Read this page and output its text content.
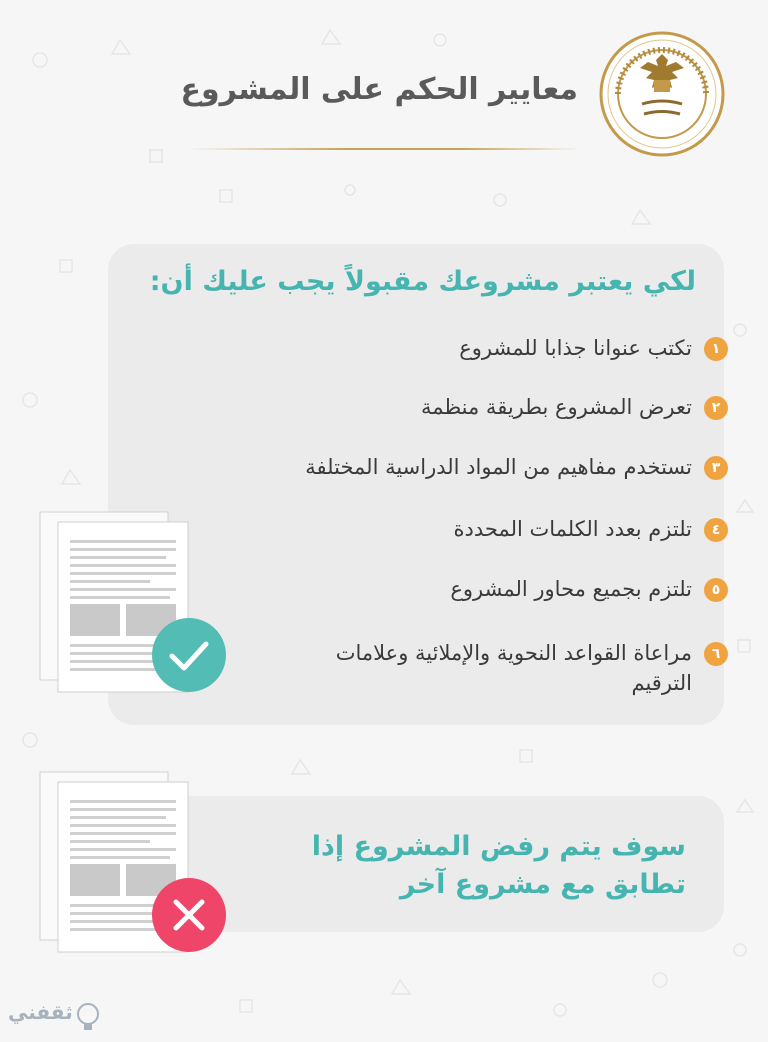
معايير الحكم على المشروع
لكي يعتبر مشروعك مقبولاً يجب عليك أن:
١
تكتب عنوانا جذابا للمشروع
٢
تعرض المشروع بطريقة منظمة
٣
تستخدم مفاهيم من المواد الدراسية المختلفة
٤
تلتزم بعدد الكلمات المحددة
٥
تلتزم بجميع محاور المشروع
٦
مراعاة القواعد النحوية والإملائية وعلامات الترقيم
سوف يتم رفض المشروع إذا تطابق مع مشروع آخر
ثقفني
